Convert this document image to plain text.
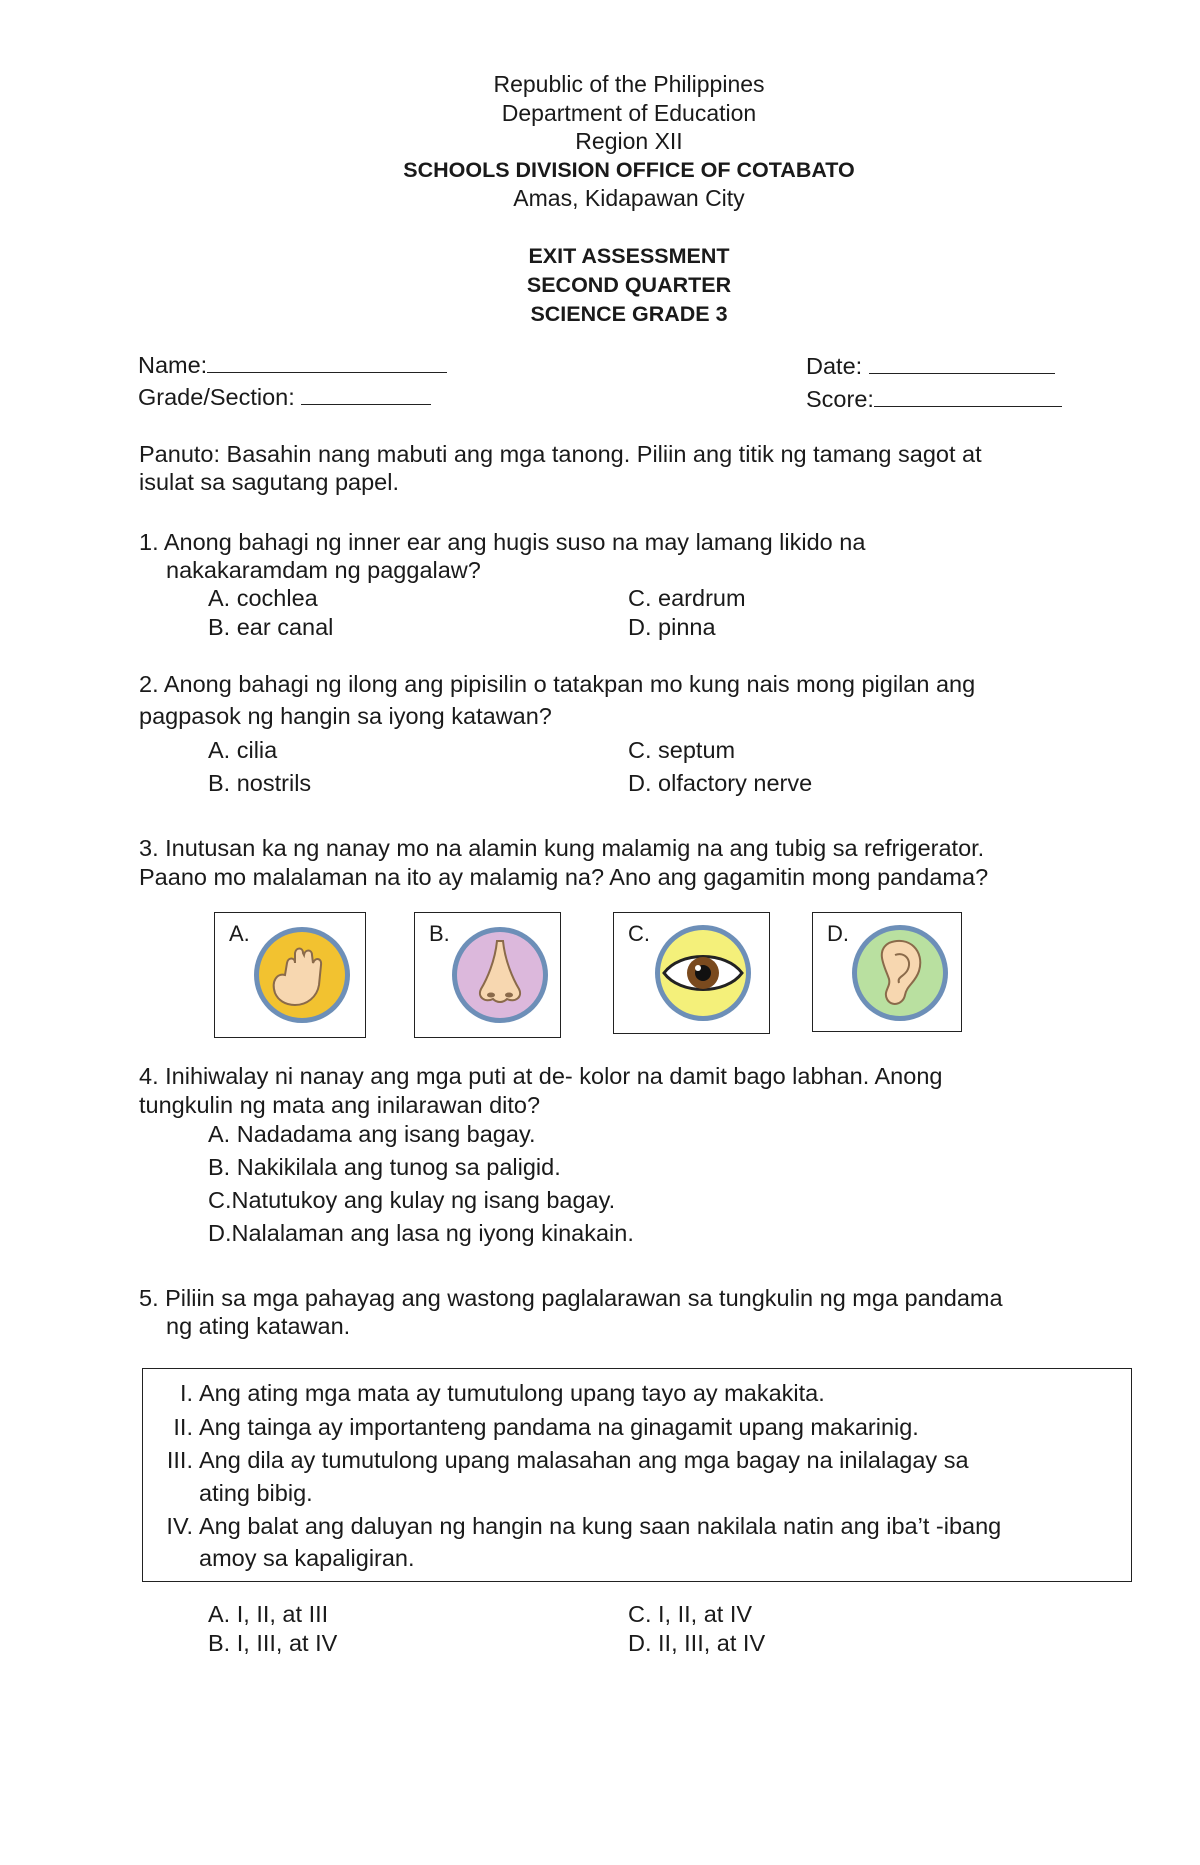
Republic of the Philippines
Department of Education
Region XII
SCHOOLS DIVISION OFFICE OF COTABATO
Amas, Kidapawan City
EXIT ASSESSMENT
SECOND QUARTER
SCIENCE GRADE 3
Name:
Grade/Section:
Date:
Score:
Panuto: Basahin nang mabuti ang mga tanong. Piliin ang titik ng tamang sagot at
isulat sa sagutang papel.
1. Anong bahagi ng inner ear ang hugis suso na may lamang likido na
nakakaramdam ng paggalaw?
A. cochlea
B. ear canal
C. eardrum
D. pinna
2. Anong bahagi ng ilong ang pipisilin o tatakpan mo kung nais mong pigilan ang
pagpasok ng hangin sa iyong katawan?
A. cilia
B. nostrils
C. septum
D. olfactory nerve
3. Inutusan ka ng nanay mo na alamin kung malamig na ang tubig sa refrigerator.
Paano mo malalaman na ito ay malamig na? Ano ang gagamitin mong pandama?
A.	B.	C.	D.
4. Inihiwalay ni nanay ang mga puti at de- kolor na damit bago labhan. Anong
tungkulin ng mata ang inilarawan dito?
A. Nadadama ang isang bagay.
B. Nakikilala ang tunog sa paligid.
C.Natutukoy ang kulay ng isang bagay.
D.Nalalaman ang lasa ng iyong kinakain.
5. Piliin sa mga pahayag ang wastong paglalarawan sa tungkulin ng mga pandama
ng ating katawan.
I. Ang ating mga mata ay tumutulong upang tayo ay makakita.
II. Ang tainga ay importanteng pandama na ginagamit upang makarinig.
III. Ang dila ay tumutulong upang malasahan ang mga bagay na inilalagay sa
ating bibig.
IV. Ang balat ang daluyan ng hangin na kung saan nakilala natin ang iba’t -ibang
amoy sa kapaligiran.
A. I, II, at III
B. I, III, at IV
C. I, II, at IV
D. II, III, at IV
